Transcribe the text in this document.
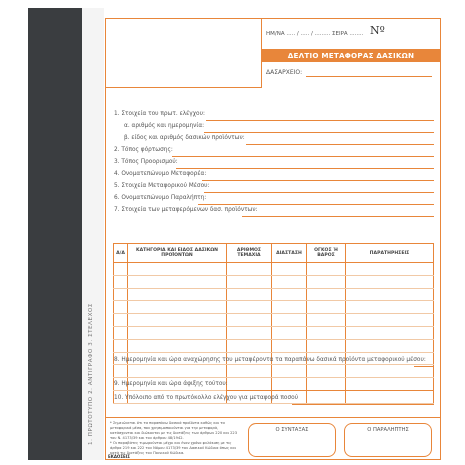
1. ΠΡΩΤΟΤΥΠΟ 2. ΑΝΤΙΓΡΑΦΟ 3. ΣΤΕΛΕΧΟΣ
ΗΜ/ΝΑ ..... / ..... / ......... ΣΕΙΡΑ ........ Nº
ΔΕΛΤΙΟ ΜΕΤΑΦΟΡΑΣ ΔΑΣΙΚΩΝ ΠΡΟΪΟΝΤΩΝ
ΔΑΣΑΡΧΕΙΟ:
1. Στοιχεία του πρωτ. ελέγχου:
α. αριθμός και ημερομηνία:
β. είδος και αριθμός δασικών προϊόντων:
2. Τόπος φόρτωσης:
3. Τόπος Προορισμού:
4. Ονοματεπώνυμο Μεταφορέα:
5. Στοιχεία Μεταφορικού Μέσου:
6. Ονοματεπώνυμο Παραλήπτη:
7. Στοιχεία των μεταφερόμενων δασ. προϊόντων:
Α/Α	ΚΑΤΗΓΟΡΙΑ ΚΑΙ ΕΙΔΟΣ ΔΑΣΙΚΩΝ ΠΡΟΪΟΝΤΩΝ	ΑΡΙΘΜΟΣ ΤΕΜΑΧΙΑ	ΔΙΑΣΤΑΣΗ	ΟΓΚΟΣ Ή ΒΑΡΟΣ	ΠΑΡΑΤΗΡΗΣΕΙΣ

8. Ημερομηνία και ώρα αναχώρησης του μεταφέροντα τα παραπάνω δασικά προϊόντα μεταφορικού μέσου:
9. Ημερομηνία και ώρα άφιξης τούτου:
10. Υπόλοιπο από το πρωτόκολλο ελέγχου για μεταφορά ποσού
* Σημειώνεται ότι τα παραπάνω δασικά προϊόντα καθώς και τα μεταφορικά μέσα, που χρησιμοποιούνται για την μεταφορά, κατάσχονται και διώκονται με τις διατάξεις των άρθρων 220 και 223 του Ν. 4173/39 και του άρθρου 48/1942.
* Οι παραβάτες τιμωρούνται μέχρι και έναν χρόνο φυλάκιση με τις άρθρα 219 και 222 του Νόμου 4173/39 του Δασικού Κώδικα όπως και κατά τις διατάξεις του Ποινικού Κώδικα.
Ο ΣΥΝΤΑΞΑΣ	Ο ΠΑΡΑΛΗΠΤΗΣ
ΕΚΔΟΣΕΙΣ
